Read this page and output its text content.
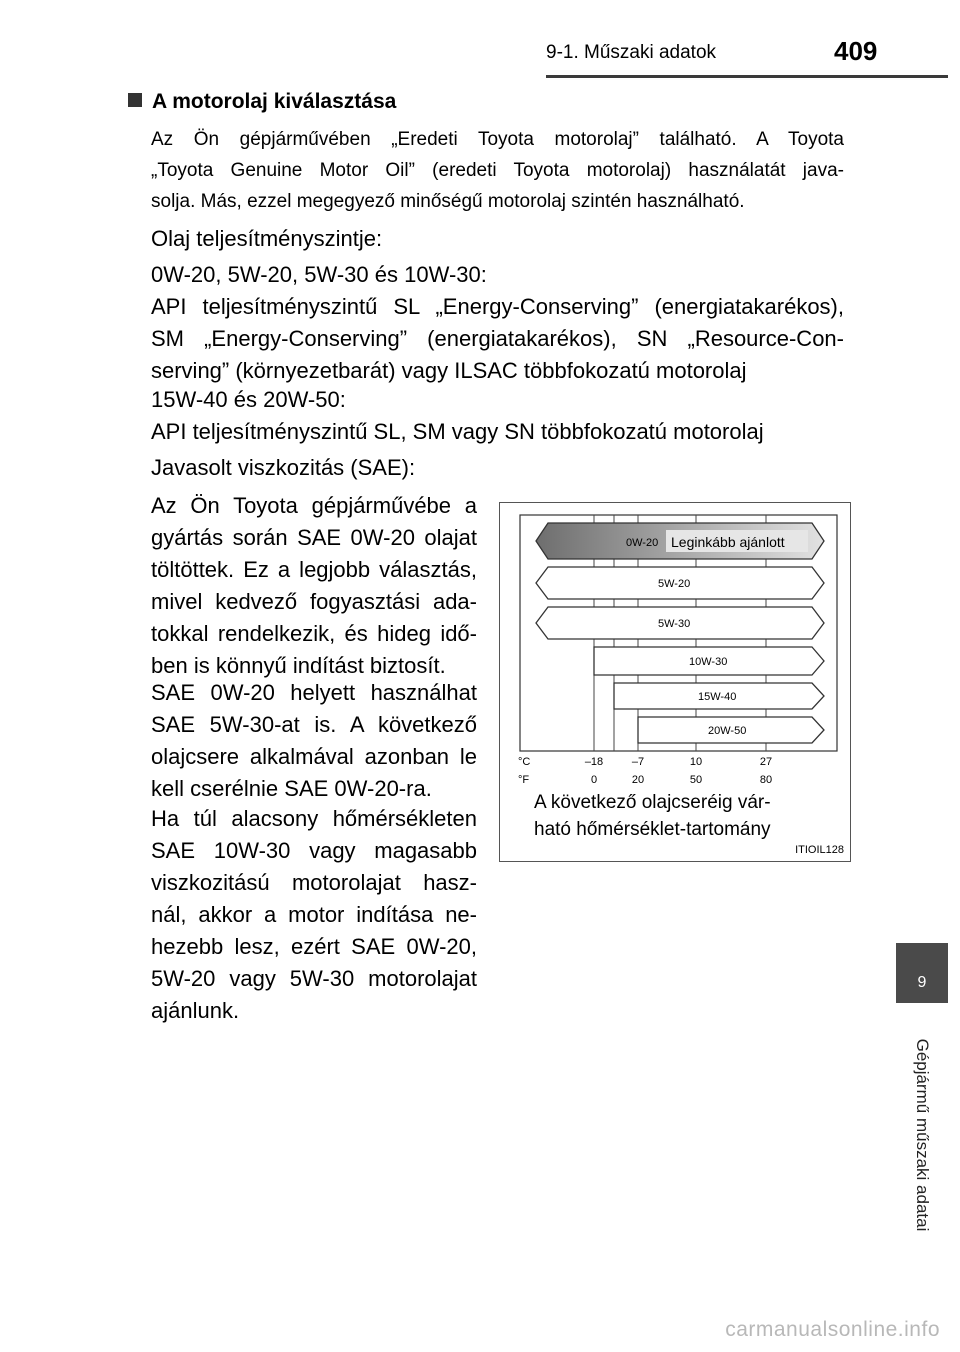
9-1. Műszaki adatok	409
A motorolaj kiválasztása
Az Ön gépjárművében „Eredeti Toyota motorolaj” található. A Toyota
„Toyota Genuine Motor Oil” (eredeti Toyota motorolaj) használatát java-
solja. Más, ezzel megegyező minőségű motorolaj szintén használható.
Olaj teljesítményszintje:
0W-20, 5W-20, 5W-30 és 10W-30:
API teljesítményszintű SL „Energy-Conserving” (energiatakarékos),
SM „Energy-Conserving” (energiatakarékos), SN „Resource-Con-
serving” (környezetbarát) vagy ILSAC többfokozatú motorolaj
15W-40 és 20W-50:
API teljesítményszintű SL, SM vagy SN többfokozatú motorolaj
Javasolt viszkozitás (SAE):
Az Ön Toyota gépjárművébe a
gyártás során SAE 0W-20 olajat
töltöttek. Ez a legjobb választás,
mivel kedvező fogyasztási ada-
tokkal rendelkezik, és hideg idő-
ben is könnyű indítást biztosít.
SAE 0W-20 helyett használhat
SAE 5W-30-at is. A következő
olajcsere alkalmával azonban le
kell cserélnie SAE 0W-20-ra.
Ha túl alacsony hőmérsékleten
SAE 10W-30 vagy magasabb
viszkozitású motorolajat hasz-
nál, akkor a motor indítása ne-
hezebb lesz, ezért SAE 0W-20,
5W-20 vagy 5W-30 motorolajat
ajánlunk.
0W-20 Leginkább ajánlott
5W-20
5W-30
10W-30
15W-40
20W-50
°C
°F
–18	–7	10	27
0	20	50	80
A következő olajcseréig vár-
ható hőmérséklet-tartomány
ITIOIL128
9
Gépjármű műszaki adatai
carmanualsonline.info
